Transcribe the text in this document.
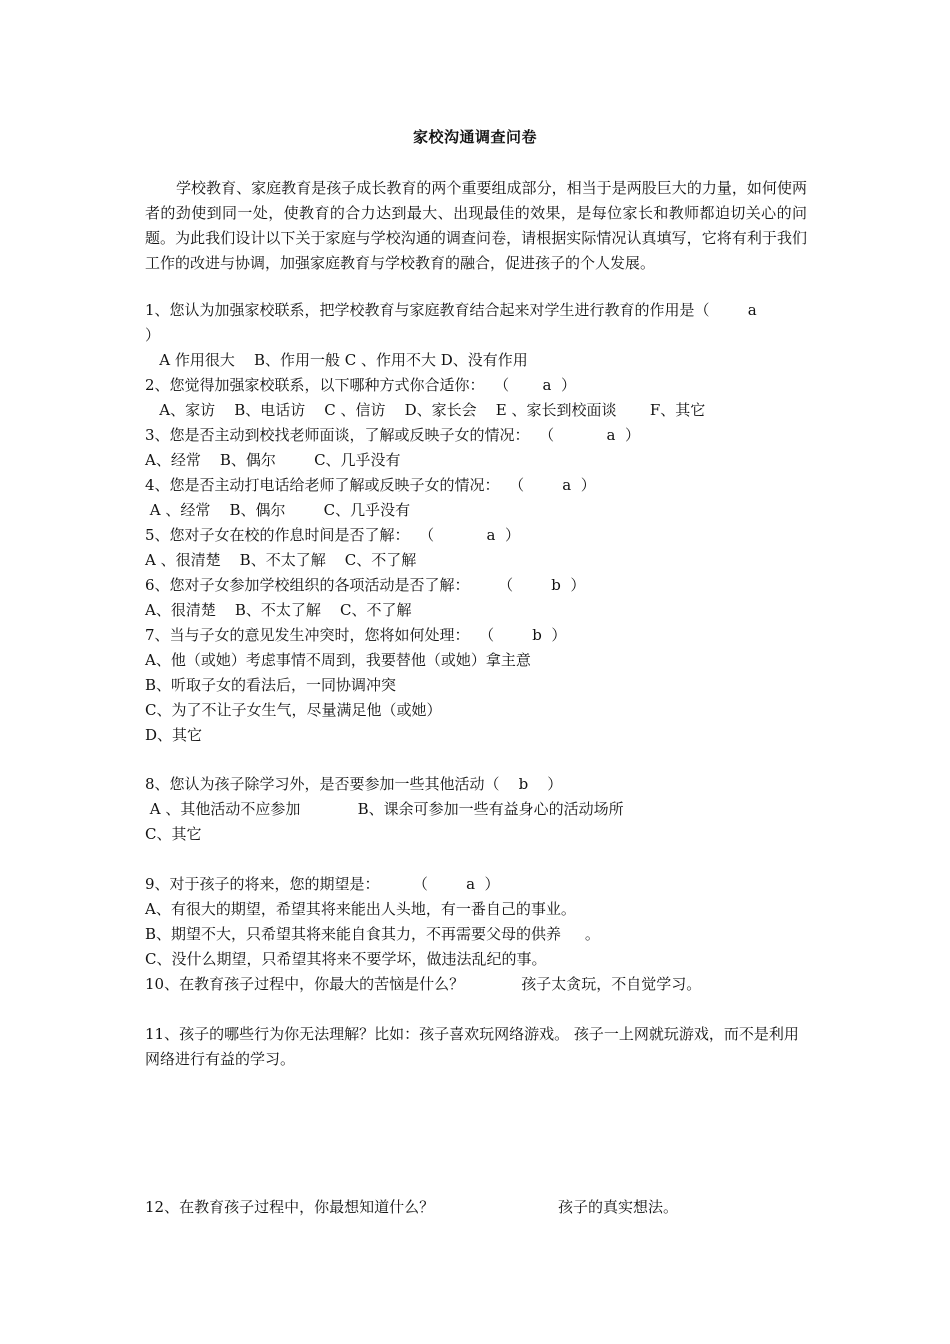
家校沟通调查问卷
学校教育、家庭教育是孩子成长教育的两个重要组成部分，相当于是两股巨大的力量，如何使两者的劲使到同一处，使教育的合力达到最大、出现最佳的效果，是每位家长和教师都迫切关心的问题。为此我们设计以下关于家庭与学校沟通的调查问卷，请根据实际情况认真填写，它将有利于我们工作的改进与协调，加强家庭教育与学校教育的融合，促进孩子的个人发展。
1、您认为加强家校联系，把学校教育与家庭教育结合起来对学生进行教育的作用是（        a
）
A 作用很大    B、作用一般 C 、作用不大 D、没有作用
2、您觉得加强家校联系，以下哪种方式你合适你：  （       a  ）
A、家访    B、电话访    C 、信访    D、家长会    E 、家长到校面谈       F、其它
3、您是否主动到校找老师面谈，了解或反映子女的情况：  （           a  ）
A、经常    B、偶尔        C、几乎没有
4、您是否主动打电话给老师了解或反映子女的情况：  （        a  ）
A 、经常    B、偶尔        C、几乎没有
5、您对子女在校的作息时间是否了解：  （           a  ）
A 、很清楚    B、不太了解    C、不了解
6、您对子女参加学校组织的各项活动是否了解：      （        b  ）
A、很清楚    B、不太了解    C、不了解
7、当与子女的意见发生冲突时，您将如何处理：  （        b  ）
A、他（或她）考虑事情不周到，我要替他（或她）拿主意
B、听取子女的看法后，一同协调冲突
C、为了不让子女生气，尽量满足他（或她）
D、其它
8、您认为孩子除学习外，是否要参加一些其他活动（    b    ）
A 、其他活动不应参加            B、课余可参加一些有益身心的活动场所
C、其它
9、对于孩子的将来，您的期望是：       （        a  ）
A、有很大的期望，希望其将来能出人头地，有一番自己的事业。
B、期望不大，只希望其将来能自食其力，不再需要父母的供养     。
C、没什么期望，只希望其将来不要学坏，做违法乱纪的事。
10、在教育孩子过程中，你最大的苦恼是什么？            孩子太贪玩，不自觉学习。
11、孩子的哪些行为你无法理解？比如：孩子喜欢玩网络游戏。 孩子一上网就玩游戏，而不是利用网络进行有益的学习。
12、在教育孩子过程中，你最想知道什么？                          孩子的真实想法。
